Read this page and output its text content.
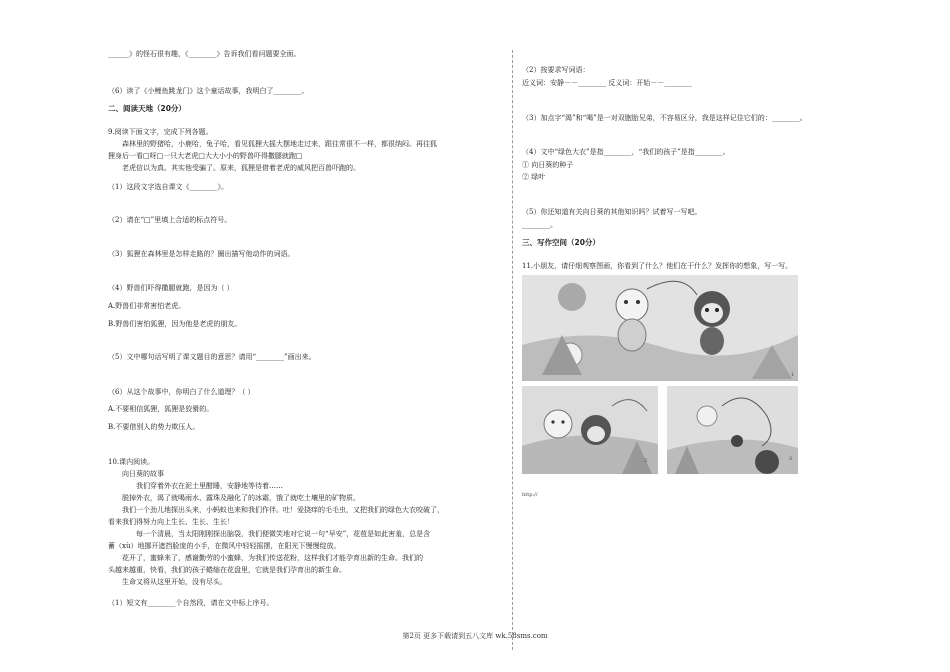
______》的怪石很有趣，《________》告诉我们看问题要全面。
（6）读了《小鲤鱼跳龙门》这个童话故事，我明白了________。
二、阅读天地（20分）
9.阅读下面文字，完成下列各题。
森林里的野猪哈，小鹿哈，兔子哈，看见狐狸大摇大摆地走过来，跟往常很不一样，都很纳闷。再往狐
狸身后一看□呀□一只大老虎□大大小小的野兽吓得撒腿就跑□
老虎信以为真。其实他受骗了。原来，狐狸是借着老虎的威风把百兽吓跑的。
（1）这段文字选自课文《________》。
（2）请在“□”里填上合适的标点符号。
（3）狐狸在森林里是怎样走路的？圈出描写他动作的词语。
（4）野兽们吓得撒腿就跑，是因为（ ）
A.野兽们非常害怕老虎。
B.野兽们害怕狐狸，因为他是老虎的朋友。
（5）文中哪句话写明了课文题目的意思？请用“________”画出来。
（6）从这个故事中，你明白了什么道理？（ ）
A.不要相信狐狸，狐狸是狡猾的。
B.不要借别人的势力欺压人。
10.课内阅读。
向日葵的故事
我们穿着外衣在泥土里酣睡，安静地等待着……
脱掉外衣，渴了就喝雨水、露珠及融化了的冰霜，饿了就吃土壤里的矿物质。
我们一个劲儿地探出头来，小蚂蚁也来和我们作伴。吐！爱挠痒的毛毛虫，又把我们的绿色大衣咬破了，
看来我们得努力向上生长、生长、生长！
每一个清晨，当太阳刚刚探出脑袋，我们便微笑地对它说一句“早安”，花苞是如此害羞，总是含
蓄（xù）地挪开遮挡脸庞的小手，在微风中轻轻摇摆，在阳光下慢慢绽放。
花开了，蜜蜂来了，感谢勤劳的小蜜蜂，为我们传送花粉，这样我们才能孕育出新的生命。我们的
头越来越重，快看，我们的孩子蜷缩在花盘里，它就是我们孕育出的新生命。
生命又将从这里开始，没有尽头。
（1）短文有________个自然段，请在文中标上序号。
（2）按要求写词语：
近义词：安静－－________ 反义词：开始－－________
（3）加点字“渴”和“喝”是一对双胞胎兄弟，不容易区分，我是这样记住它们的：________。
（4）文中“绿色大衣”是指________，“我们的孩子”是指________。
① 向日葵的种子
② 绿叶
（5）你还知道有关向日葵的其他知识吗？试着写一写吧。
________。
三、写作空间（20分）
11.小朋友，请仔细观察图画，你看到了什么？他们在干什么？发挥你的想象，写一写。
1
2	3
http://
第2页 更多下载请到五八文库 wk.58sms.com
